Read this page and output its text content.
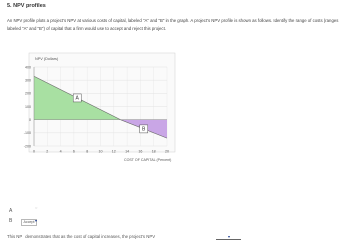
5. NPV profiles
An NPV profile plots a project's NPV at various costs of capital, labeled "A" and "B" in the graph. A project's NPV profile is shown as follows. Identify the range of costs (ranges labeled "A" and "B") of capital that a firm would use to accept and reject this project.
A
B
400
300
200
100
0
-100
-200
0	2	4	6	8	10	12	14	16	18	20
NPV (Dollars)
COST OF CAPITAL (Percent)
A
B
○
Accept ▾
This NP demonstrates that as the cost of capital increases, the project's NPV	▾
